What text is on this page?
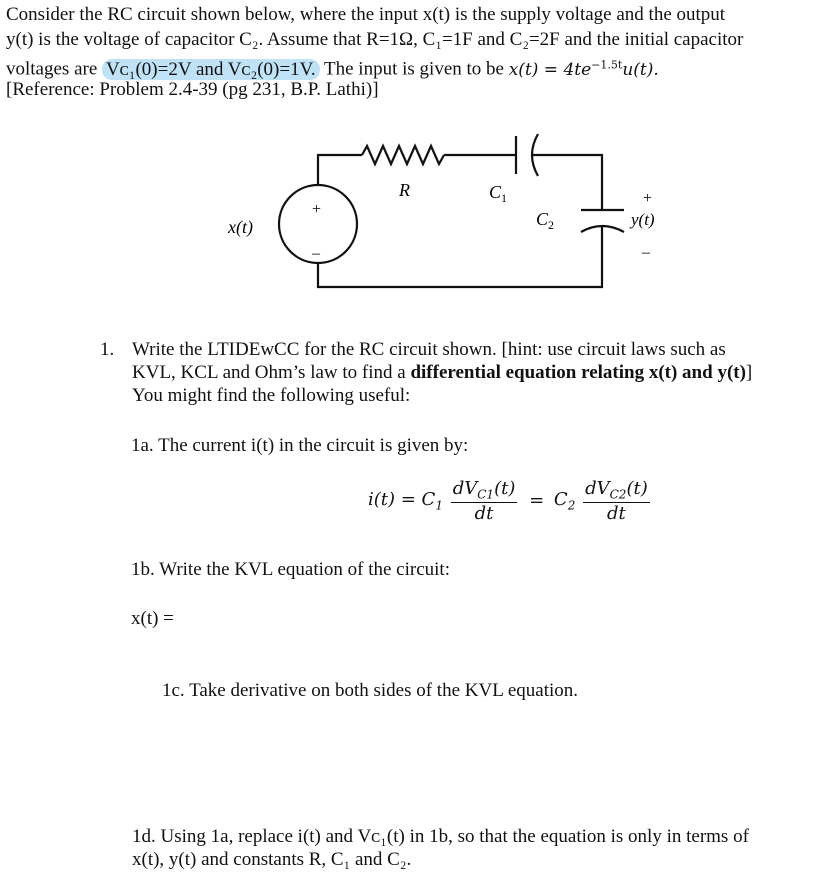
Consider the RC circuit shown below, where the input x(t) is the supply voltage and the output
y(t) is the voltage of capacitor C₂. Assume that R=1Ω, C₁=1F and C₂=2F and the initial capacitor
voltages are Vᴄ₁(0)=2V and Vᴄ₂(0)=1V. The input is given to be $x(t) = 4te^{-1.5t}u(t)$.
[Reference: Problem 2.4-39 (pg 231, B.P. Lathi)]
+
–
x(t)
R	$C_1$
$C_2$
+
y(t)
–
1. Write the LTIDEwCC for the RC circuit shown. [hint: use circuit laws such as
KVL, KCL and Ohm’s law to find a differential equation relating x(t) and y(t)]
You might find the following useful:
1a. The current i(t) in the circuit is given by:
$i(t) = C_1 \frac{dV_{C1}(t)}{dt} = C_2 \frac{dV_{C2}(t)}{dt}$
1b. Write the KVL equation of the circuit:
x(t) =
1c. Take derivative on both sides of the KVL equation.
1d. Using 1a, replace i(t) and Vᴄ₁(t) in 1b, so that the equation is only in terms of
x(t), y(t) and constants R, C₁ and C₂.
